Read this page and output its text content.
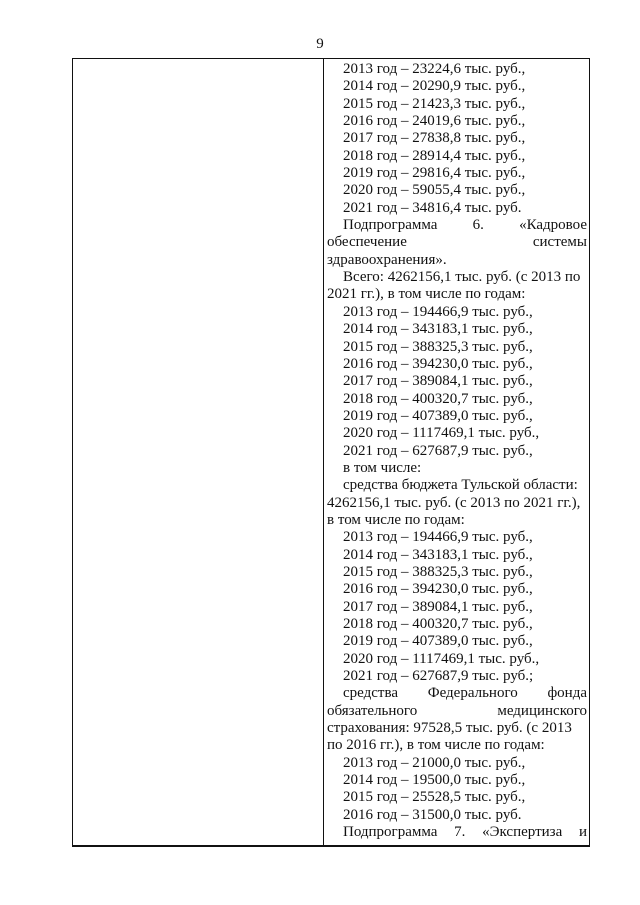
9
2013 год – 23224,6 тыс. руб.,
2014 год – 20290,9 тыс. руб.,
2015 год – 21423,3 тыс. руб.,
2016 год – 24019,6 тыс. руб.,
2017 год – 27838,8 тыс. руб.,
2018 год – 28914,4 тыс. руб.,
2019 год – 29816,4 тыс. руб.,
2020 год – 59055,4 тыс. руб.,
2021 год – 34816,4 тыс. руб.
Подпрограмма 6. «Кадровое
обеспечение	системы
здравоохранения».
Всего: 4262156,1 тыс. руб. (с 2013 по
2021 гг.), в том числе по годам:
2013 год – 194466,9 тыс. руб.,
2014 год – 343183,1 тыс. руб.,
2015 год – 388325,3 тыс. руб.,
2016 год – 394230,0 тыс. руб.,
2017 год – 389084,1 тыс. руб.,
2018 год – 400320,7 тыс. руб.,
2019 год – 407389,0 тыс. руб.,
2020 год – 1117469,1 тыс. руб.,
2021 год – 627687,9 тыс. руб.,
в том числе:
средства бюджета Тульской области:
4262156,1 тыс. руб. (с 2013 по 2021 гг.),
в том числе по годам:
2013 год – 194466,9 тыс. руб.,
2014 год – 343183,1 тыс. руб.,
2015 год – 388325,3 тыс. руб.,
2016 год – 394230,0 тыс. руб.,
2017 год – 389084,1 тыс. руб.,
2018 год – 400320,7 тыс. руб.,
2019 год – 407389,0 тыс. руб.,
2020 год – 1117469,1 тыс. руб.,
2021 год – 627687,9 тыс. руб.;
средства Федерального фонда
обязательного	медицинского
страхования: 97528,5 тыс. руб. (с 2013
по 2016 гг.), в том числе по годам:
2013 год – 21000,0 тыс. руб.,
2014 год – 19500,0 тыс. руб.,
2015 год – 25528,5 тыс. руб.,
2016 год – 31500,0 тыс. руб.
Подпрограмма 7. «Экспертиза и
